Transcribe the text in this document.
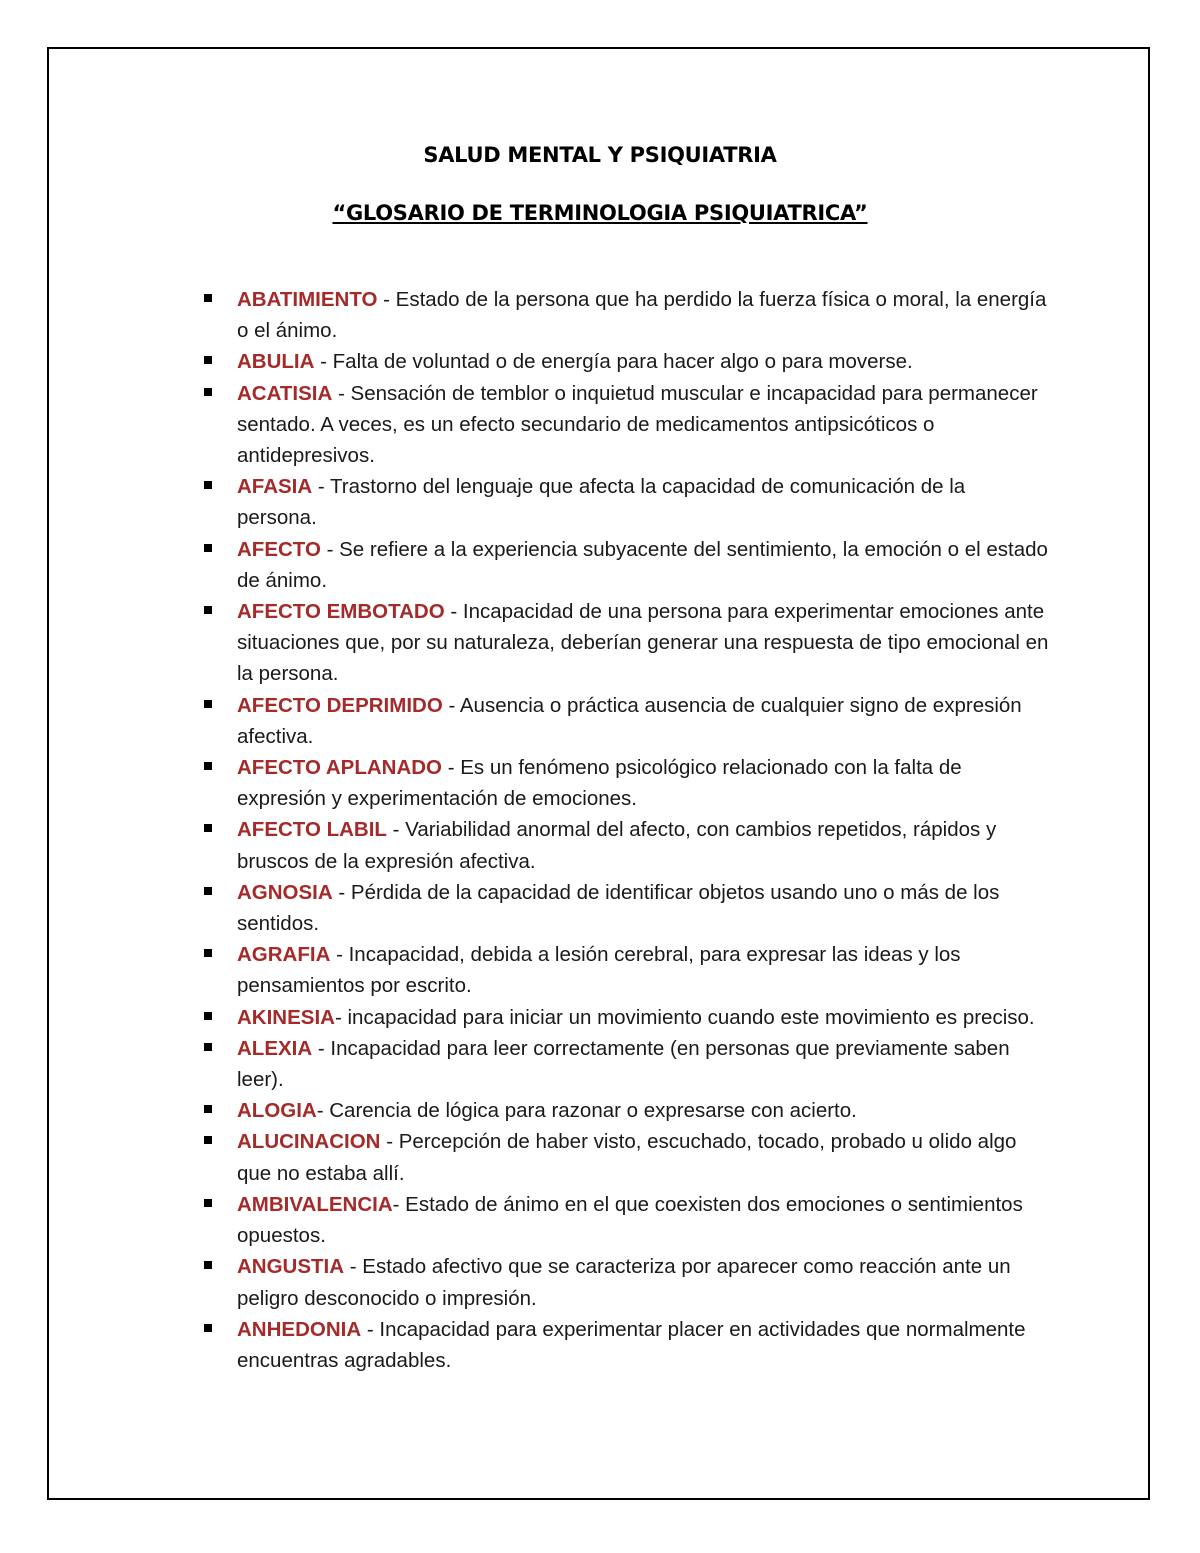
SALUD MENTAL Y PSIQUIATRIA
“GLOSARIO DE TERMINOLOGIA PSIQUIATRICA”
ABATIMIENTO - Estado de la persona que ha perdido la fuerza física o moral, la energía o el ánimo.
ABULIA - Falta de voluntad o de energía para hacer algo o para moverse.
ACATISIA - Sensación de temblor o inquietud muscular e incapacidad para permanecer sentado. A veces, es un efecto secundario de medicamentos antipsicóticos o antidepresivos.
AFASIA - Trastorno del lenguaje que afecta la capacidad de comunicación de la persona.
AFECTO - Se refiere a la experiencia subyacente del sentimiento, la emoción o el estado de ánimo.
AFECTO EMBOTADO - Incapacidad de una persona para experimentar emociones ante situaciones que, por su naturaleza, deberían generar una respuesta de tipo emocional en la persona.
AFECTO DEPRIMIDO - Ausencia o práctica ausencia de cualquier signo de expresión afectiva.
AFECTO APLANADO - Es un fenómeno psicológico relacionado con la falta de expresión y experimentación de emociones.
AFECTO LABIL - Variabilidad anormal del afecto, con cambios repetidos, rápidos y bruscos de la expresión afectiva.
AGNOSIA - Pérdida de la capacidad de identificar objetos usando uno o más de los sentidos.
AGRAFIA - Incapacidad, debida a lesión cerebral, para expresar las ideas y los pensamientos por escrito.
AKINESIA- incapacidad para iniciar un movimiento cuando este movimiento es preciso.
ALEXIA - Incapacidad para leer correctamente (en personas que previamente saben leer).
ALOGIA- Carencia de lógica para razonar o expresarse con acierto.
ALUCINACION - Percepción de haber visto, escuchado, tocado, probado u olido algo que no estaba allí.
AMBIVALENCIA- Estado de ánimo en el que coexisten dos emociones o sentimientos opuestos.
ANGUSTIA - Estado afectivo que se caracteriza por aparecer como reacción ante un peligro desconocido o impresión.
ANHEDONIA - Incapacidad para experimentar placer en actividades que normalmente encuentras agradables.
